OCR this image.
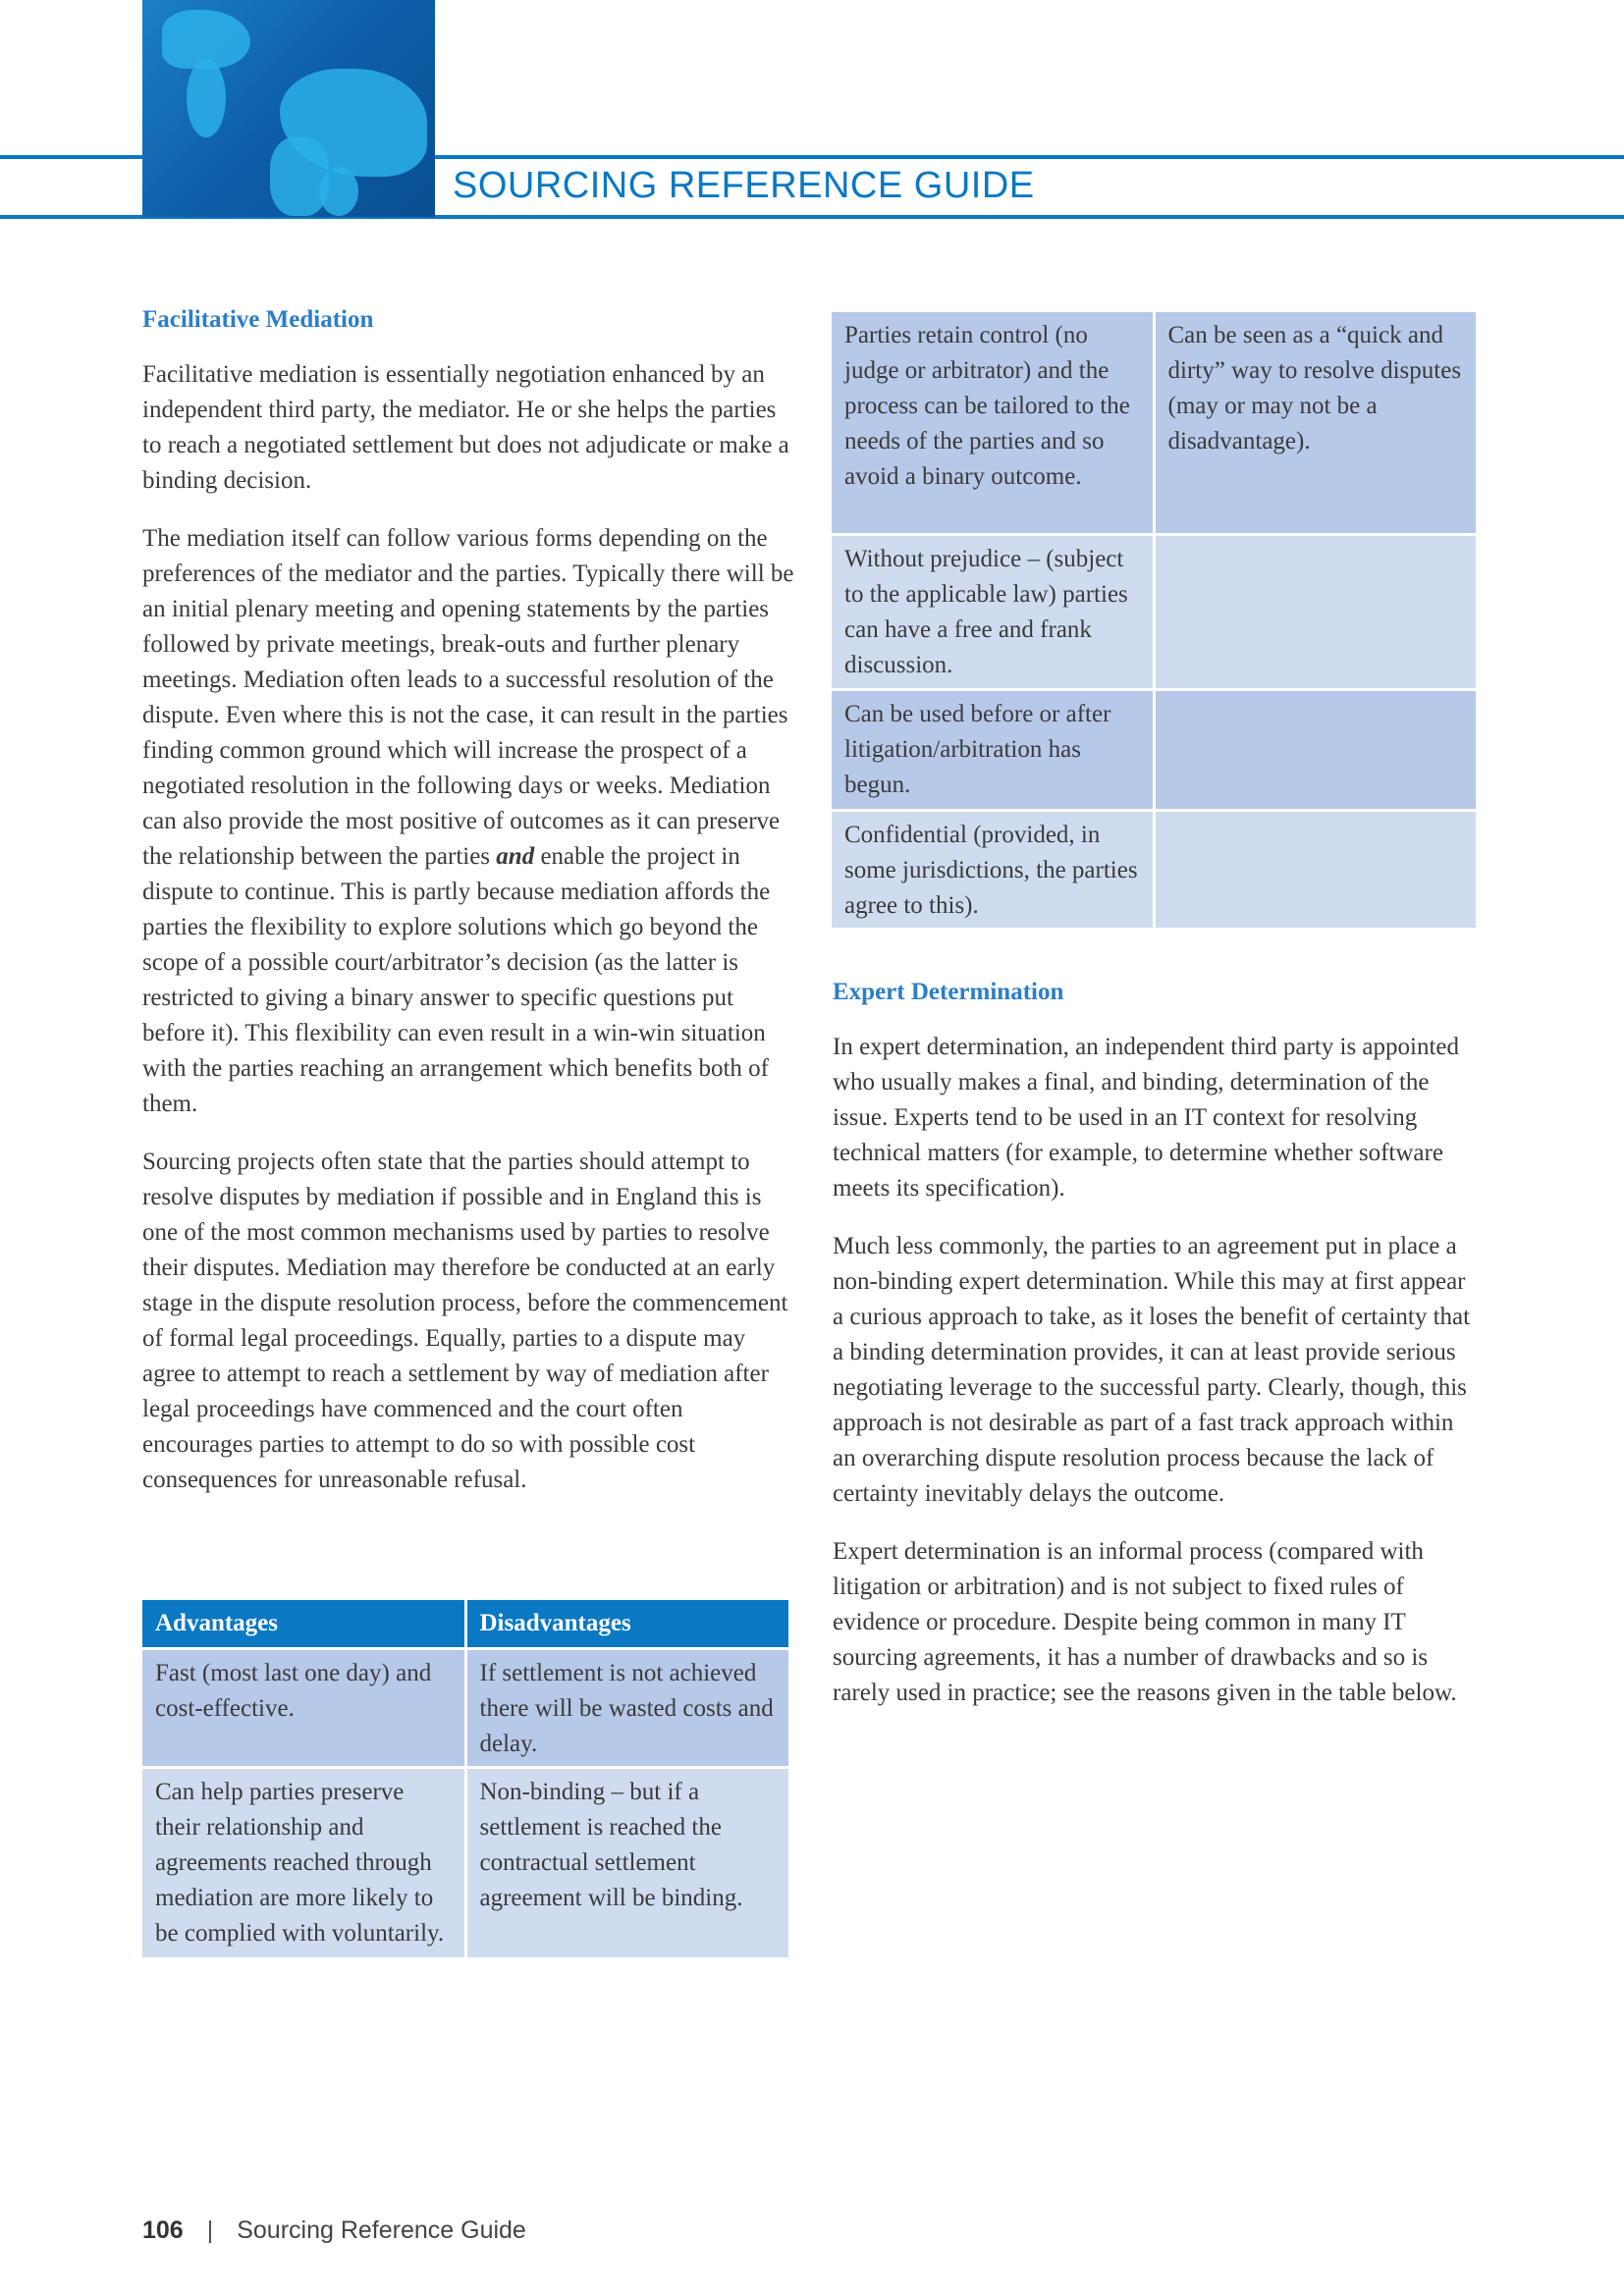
SOURCING REFERENCE GUIDE
Facilitative Mediation

Facilitative mediation is essentially negotiation enhanced by an independent third party, the mediator. He or she helps the parties to reach a negotiated settlement but does not adjudicate or make a binding decision.

The mediation itself can follow various forms depending on the preferences of the mediator and the parties. Typically there will be an initial plenary meeting and opening statements by the parties followed by private meetings, break-outs and further plenary meetings. Mediation often leads to a successful resolution of the dispute. Even where this is not the case, it can result in the parties finding common ground which will increase the prospect of a negotiated resolution in the following days or weeks. Mediation can also provide the most positive of outcomes as it can preserve the relationship between the parties and enable the project in dispute to continue. This is partly because mediation affords the parties the flexibility to explore solutions which go beyond the scope of a possible court/arbitrator’s decision (as the latter is restricted to giving a binary answer to specific questions put before it). This flexibility can even result in a win-win situation with the parties reaching an arrangement which benefits both of them.

Sourcing projects often state that the parties should attempt to resolve disputes by mediation if possible and in England this is one of the most common mechanisms used by parties to resolve their disputes. Mediation may therefore be conducted at an early stage in the dispute resolution process, before the commencement of formal legal proceedings. Equally, parties to a dispute may agree to attempt to reach a settlement by way of mediation after legal proceedings have commenced and the court often encourages parties to attempt to do so with possible cost consequences for unreasonable refusal.

Advantages	Disadvantages
Fast (most last one day) and cost-effective.	If settlement is not achieved there will be wasted costs and delay.
Can help parties preserve their relationship and agreements reached through mediation are more likely to be complied with voluntarily.	Non-binding – but if a settlement is reached the contractual settlement agreement will be binding.
Parties retain control (no judge or arbitrator) and the process can be tailored to the needs of the parties and so avoid a binary outcome.	Can be seen as a “quick and dirty” way to resolve disputes (may or may not be a disadvantage).
Without prejudice – (subject to the applicable law) parties can have a free and frank discussion.	
Can be used before or after litigation/arbitration has begun.	
Confidential (provided, in some jurisdictions, the parties agree to this).	
Expert Determination

In expert determination, an independent third party is appointed who usually makes a final, and binding, determination of the issue. Experts tend to be used in an IT context for resolving technical matters (for example, to determine whether software meets its specification).

Much less commonly, the parties to an agreement put in place a non-binding expert determination. While this may at first appear a curious approach to take, as it loses the benefit of certainty that a binding determination provides, it can at least provide serious negotiating leverage to the successful party. Clearly, though, this approach is not desirable as part of a fast track approach within an overarching dispute resolution process because the lack of certainty inevitably delays the outcome.

Expert determination is an informal process (compared with litigation or arbitration) and is not subject to fixed rules of evidence or procedure. Despite being common in many IT sourcing agreements, it has a number of drawbacks and so is rarely used in practice; see the reasons given in the table below.

106 | Sourcing Reference Guide
